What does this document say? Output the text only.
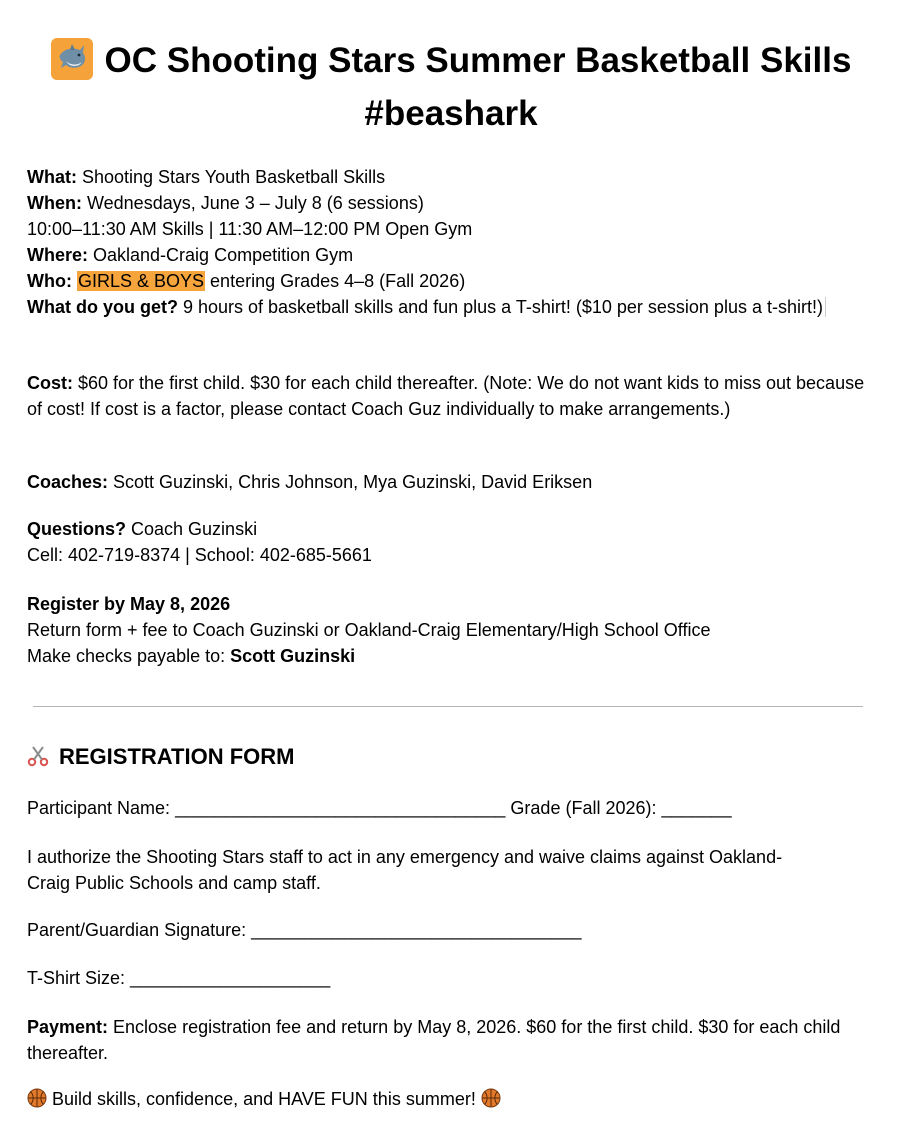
OC Shooting Stars Summer Basketball Skills
#beashark
What: Shooting Stars Youth Basketball Skills
When: Wednesdays, June 3 – July 8 (6 sessions)
10:00–11:30 AM Skills | 11:30 AM–12:00 PM Open Gym
Where: Oakland-Craig Competition Gym
Who: GIRLS & BOYS entering Grades 4–8 (Fall 2026)
What do you get? 9 hours of basketball skills and fun plus a T-shirt! ($10 per session plus a t-shirt!)
Cost: $60 for the first child. $30 for each child thereafter. (Note: We do not want kids to miss out because of cost! If cost is a factor, please contact Coach Guz individually to make arrangements.)
Coaches: Scott Guzinski, Chris Johnson, Mya Guzinski, David Eriksen
Questions? Coach Guzinski
Cell: 402-719-8374 | School: 402-685-5661
Register by May 8, 2026
Return form + fee to Coach Guzinski or Oakland-Craig Elementary/High School Office
Make checks payable to: Scott Guzinski
REGISTRATION FORM
Participant Name: _________________________________ Grade (Fall 2026): _______
I authorize the Shooting Stars staff to act in any emergency and waive claims against Oakland-Craig Public Schools and camp staff.
Parent/Guardian Signature: _________________________________
T-Shirt Size: ____________________
Payment: Enclose registration fee and return by May 8, 2026. $60 for the first child. $30 for each child thereafter.
Build skills, confidence, and HAVE FUN this summer!
